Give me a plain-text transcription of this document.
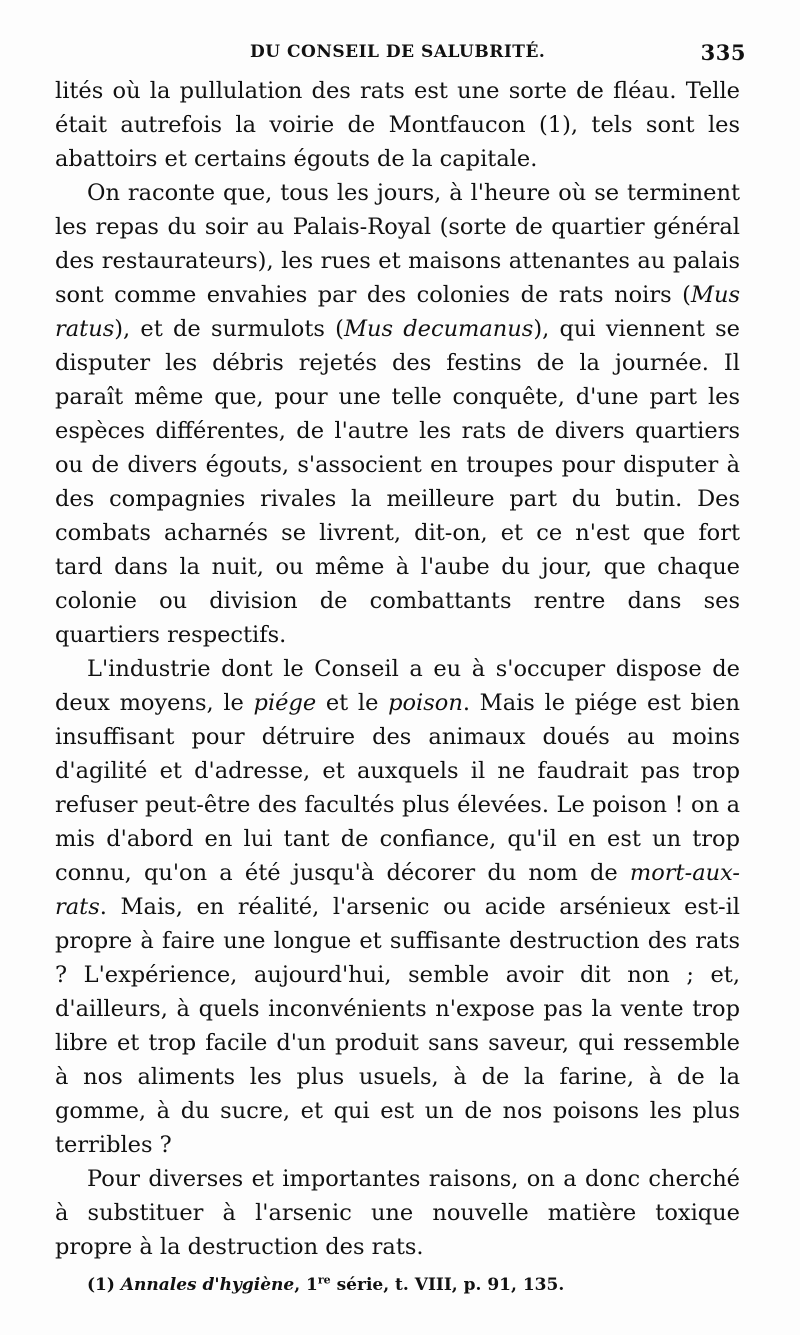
DU CONSEIL DE SALUBRITÉ.	335

lités où la pullulation des rats est une sorte de fléau. Telle était autrefois la voirie de Montfaucon (1), tels sont les abattoirs et certains égouts de la capitale.

On raconte que, tous les jours, à l'heure où se terminent les repas du soir au Palais-Royal (sorte de quartier général des restaurateurs), les rues et maisons attenantes au palais sont comme envahies par des colonies de rats noirs (Mus ratus), et de surmulots (Mus decumanus), qui viennent se disputer les débris rejetés des festins de la journée. Il paraît même que, pour une telle conquête, d'une part les espèces différentes, de l'autre les rats de divers quartiers ou de divers égouts, s'associent en troupes pour disputer à des compagnies rivales la meilleure part du butin. Des combats acharnés se livrent, dit-on, et ce n'est que fort tard dans la nuit, ou même à l'aube du jour, que chaque colonie ou division de combattants rentre dans ses quartiers respectifs.

L'industrie dont le Conseil a eu à s'occuper dispose de deux moyens, le piége et le poison. Mais le piége est bien insuffisant pour détruire des animaux doués au moins d'agilité et d'adresse, et auxquels il ne faudrait pas trop refuser peut-être des facultés plus élevées. Le poison ! on a mis d'abord en lui tant de confiance, qu'il en est un trop connu, qu'on a été jusqu'à décorer du nom de mort-aux-rats. Mais, en réalité, l'arsenic ou acide arsénieux est-il propre à faire une longue et suffisante destruction des rats ? L'expérience, aujourd'hui, semble avoir dit non ; et, d'ailleurs, à quels inconvénients n'expose pas la vente trop libre et trop facile d'un produit sans saveur, qui ressemble à nos aliments les plus usuels, à de la farine, à de la gomme, à du sucre, et qui est un de nos poisons les plus terribles ?

Pour diverses et importantes raisons, on a donc cherché à substituer à l'arsenic une nouvelle matière toxique propre à la destruction des rats.

(1) Annales d'hygiène, 1re série, t. VIII, p. 91, 135.
